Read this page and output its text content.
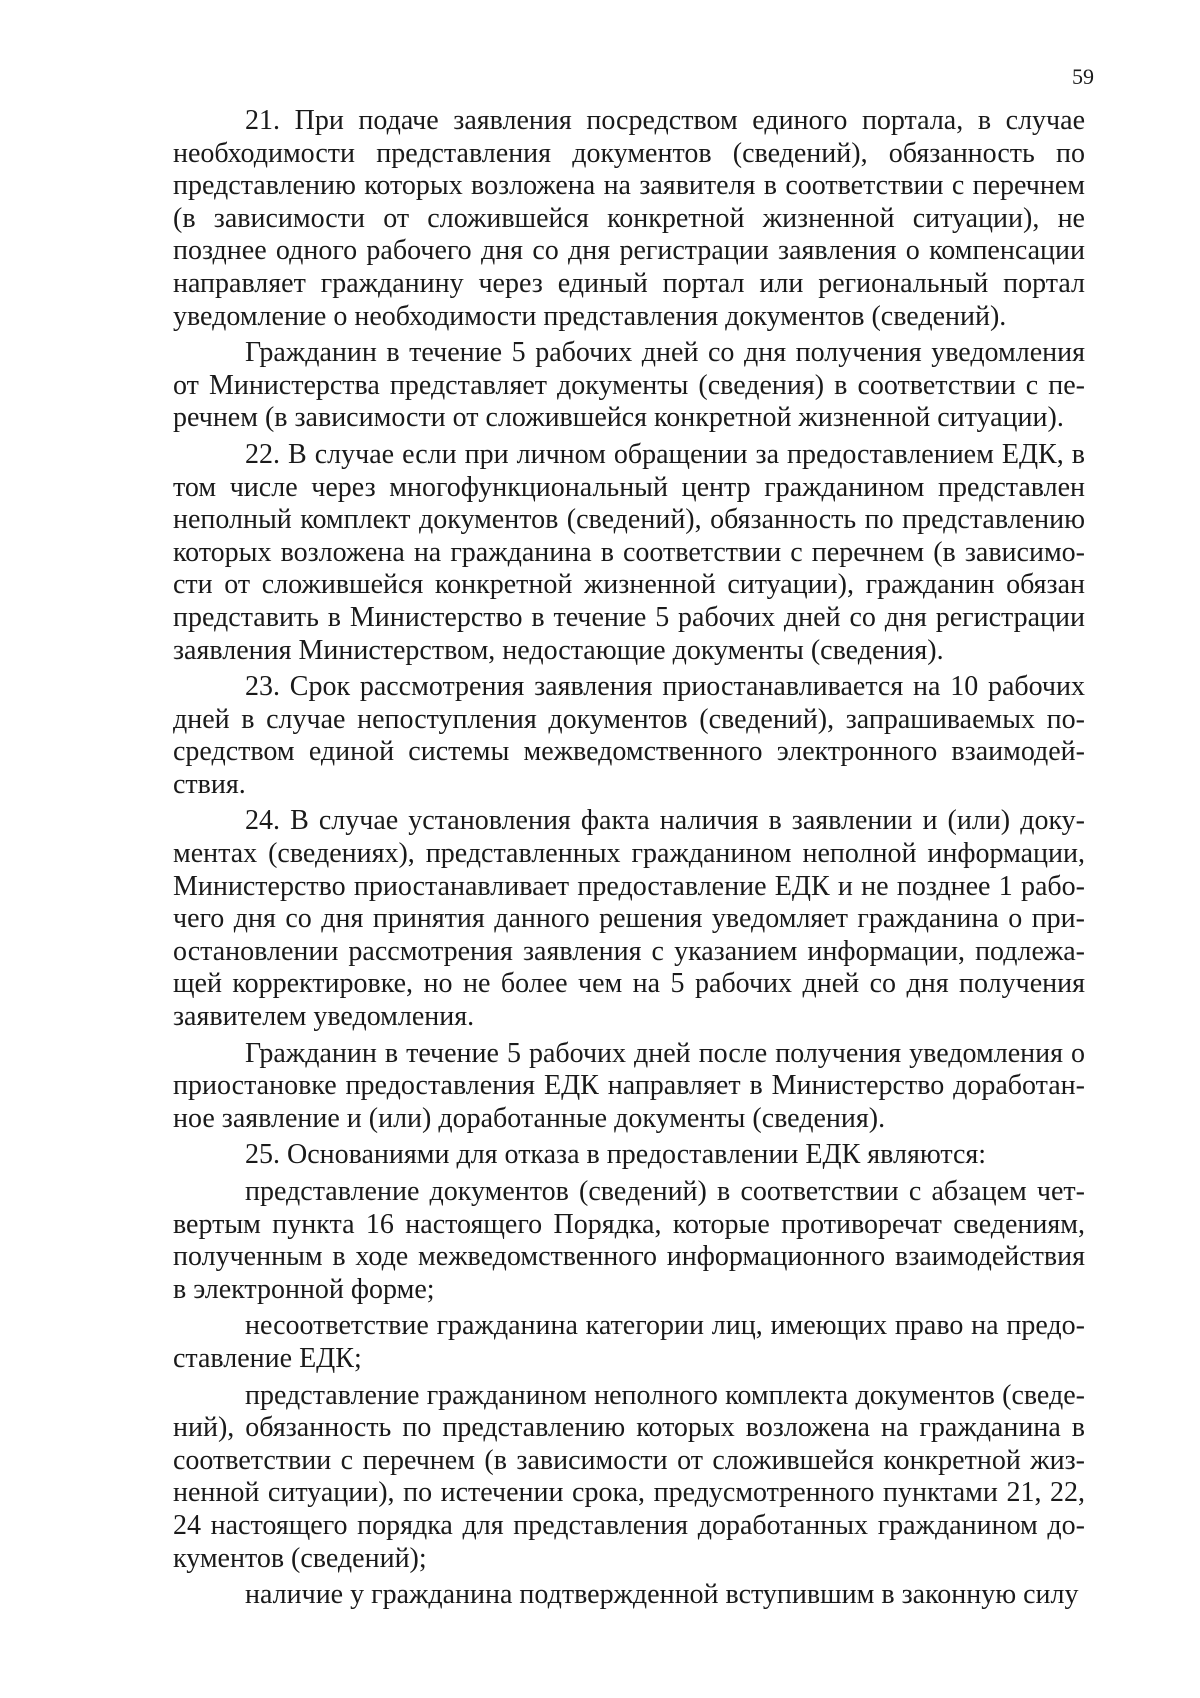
59

21. При подаче заявления посредством единого портала, в случае необходимости представления документов (сведений), обязанность по представлению которых возложена на заявителя в соответствии с перечнем (в зависимости от сложившейся конкретной жизненной ситуации), не позднее одного рабочего дня со дня регистрации заявления о компенсации направляет гражданину через единый портал или региональный портал уведомление о необходимости представления документов (сведений).

Гражданин в течение 5 рабочих дней со дня получения уведомления от Министерства представляет документы (сведения) в соответствии с перечнем (в зависимости от сложившейся конкретной жизненной ситуации).

22. В случае если при личном обращении за предоставлением ЕДК, в том числе через многофункциональный центр гражданином представлен неполный комплект документов (сведений), обязанность по представлению которых возложена на гражданина в соответствии с перечнем (в зависимости от сложившейся конкретной жизненной ситуации), гражданин обязан представить в Министерство в течение 5 рабочих дней со дня регистрации заявления Министерством, недостающие документы (сведения).

23. Срок рассмотрения заявления приостанавливается на 10 рабочих дней в случае непоступления документов (сведений), запрашиваемых посредством единой системы межведомственного электронного взаимодействия.

24. В случае установления факта наличия в заявлении и (или) документах (сведениях), представленных гражданином неполной информации, Министерство приостанавливает предоставление ЕДК и не позднее 1 рабочего дня со дня принятия данного решения уведомляет гражданина о приостановлении рассмотрения заявления с указанием информации, подлежащей корректировке, но не более чем на 5 рабочих дней со дня получения заявителем уведомления.

Гражданин в течение 5 рабочих дней после получения уведомления о приостановке предоставления ЕДК направляет в Министерство доработанное заявление и (или) доработанные документы (сведения).

25. Основаниями для отказа в предоставлении ЕДК являются:

представление документов (сведений) в соответствии с абзацем четвертым пункта 16 настоящего Порядка, которые противоречат сведениям, полученным в ходе межведомственного информационного взаимодействия в электронной форме;

несоответствие гражданина категории лиц, имеющих право на предоставление ЕДК;

представление гражданином неполного комплекта документов (сведений), обязанность по представлению которых возложена на гражданина в соответствии с перечнем (в зависимости от сложившейся конкретной жизненной ситуации), по истечении срока, предусмотренного пунктами 21, 22, 24 настоящего порядка для представления доработанных гражданином документов (сведений);

наличие у гражданина подтвержденной вступившим в законную силу
